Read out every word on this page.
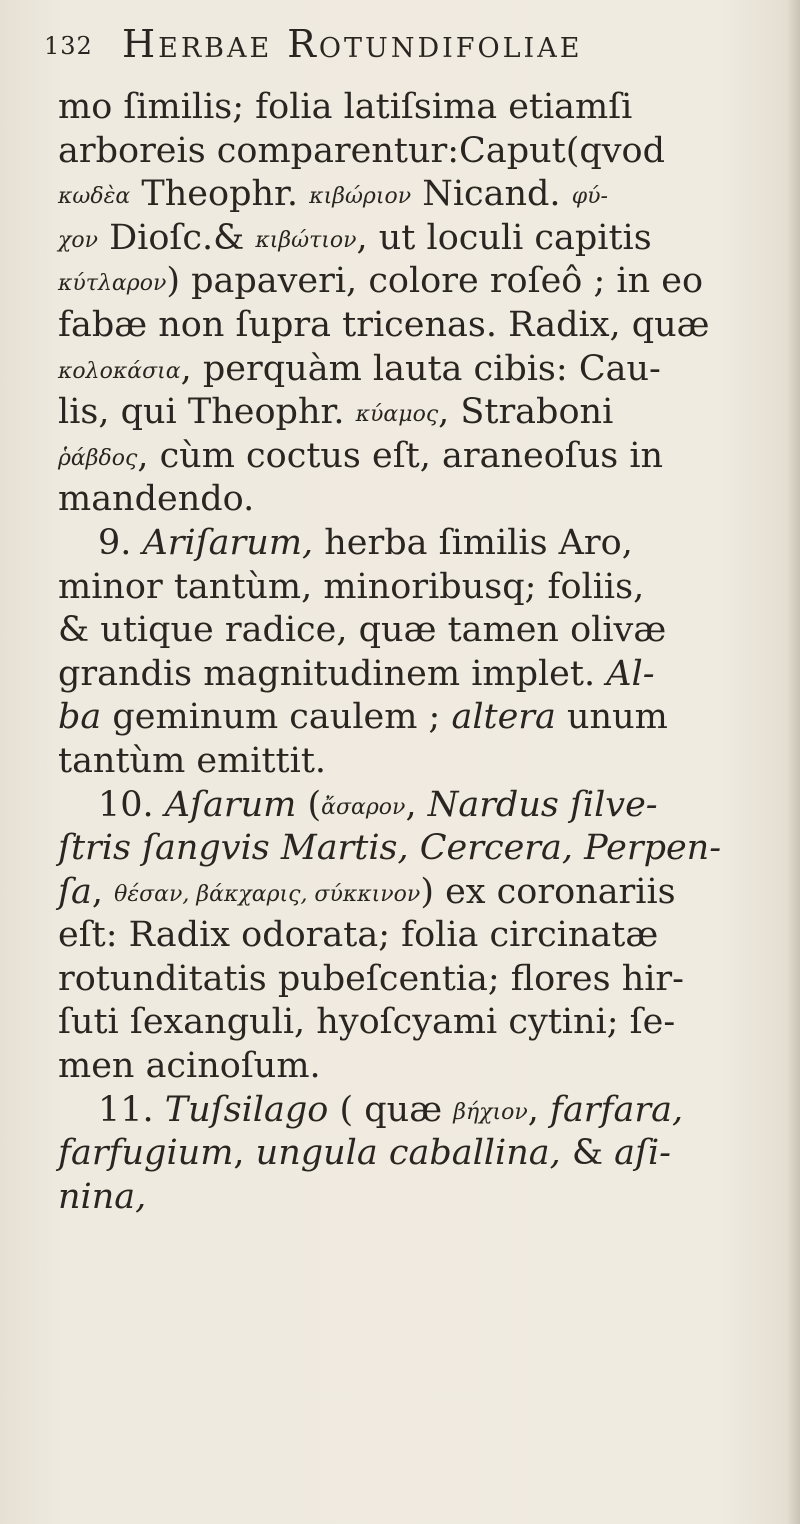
132 Herbae Rotundifoliae
mo ſimilis; folia latiſsima etiamſi
arboreis comparentur:Caput(qvod
κωδὲα Theophr. κιβώριον Nicand. φύ-
χον Dioſc.& κιβώτιον, ut loculi capitis
κύτλαρον) papaveri, colore roſeô ; in eo
fabæ non ſupra tricenas. Radix, quæ
κολοκάσια, perquàm lauta cibis: Cau-
lis, qui Theophr. κύαμος, Straboni
ῥάβδος, cùm coctus eſt, araneoſus in
mandendo.
9. Ariſarum, herba ſimilis Aro,
minor tantùm, minoribusq; foliis,
& utique radice, quæ tamen olivæ
grandis magnitudinem implet. Al-
ba geminum caulem ; altera unum
tantùm emittit.
10. Aſarum (ἄσαρον, Nardus ſilve-
ſtris ſangvis Martis, Cercera, Perpen-
ſa, θέσαν, βάκχαρις, σύκκινον) ex coronariis
eſt: Radix odorata; folia circinatæ
rotunditatis pubeſcentia; flores hir-
ſuti ſexanguli, hyoſcyami cytini; ſe-
men acinoſum.
11. Tuſsilago ( quæ βήχιον, farfara,
farfugium, ungula caballina, & aſi-
nina,
